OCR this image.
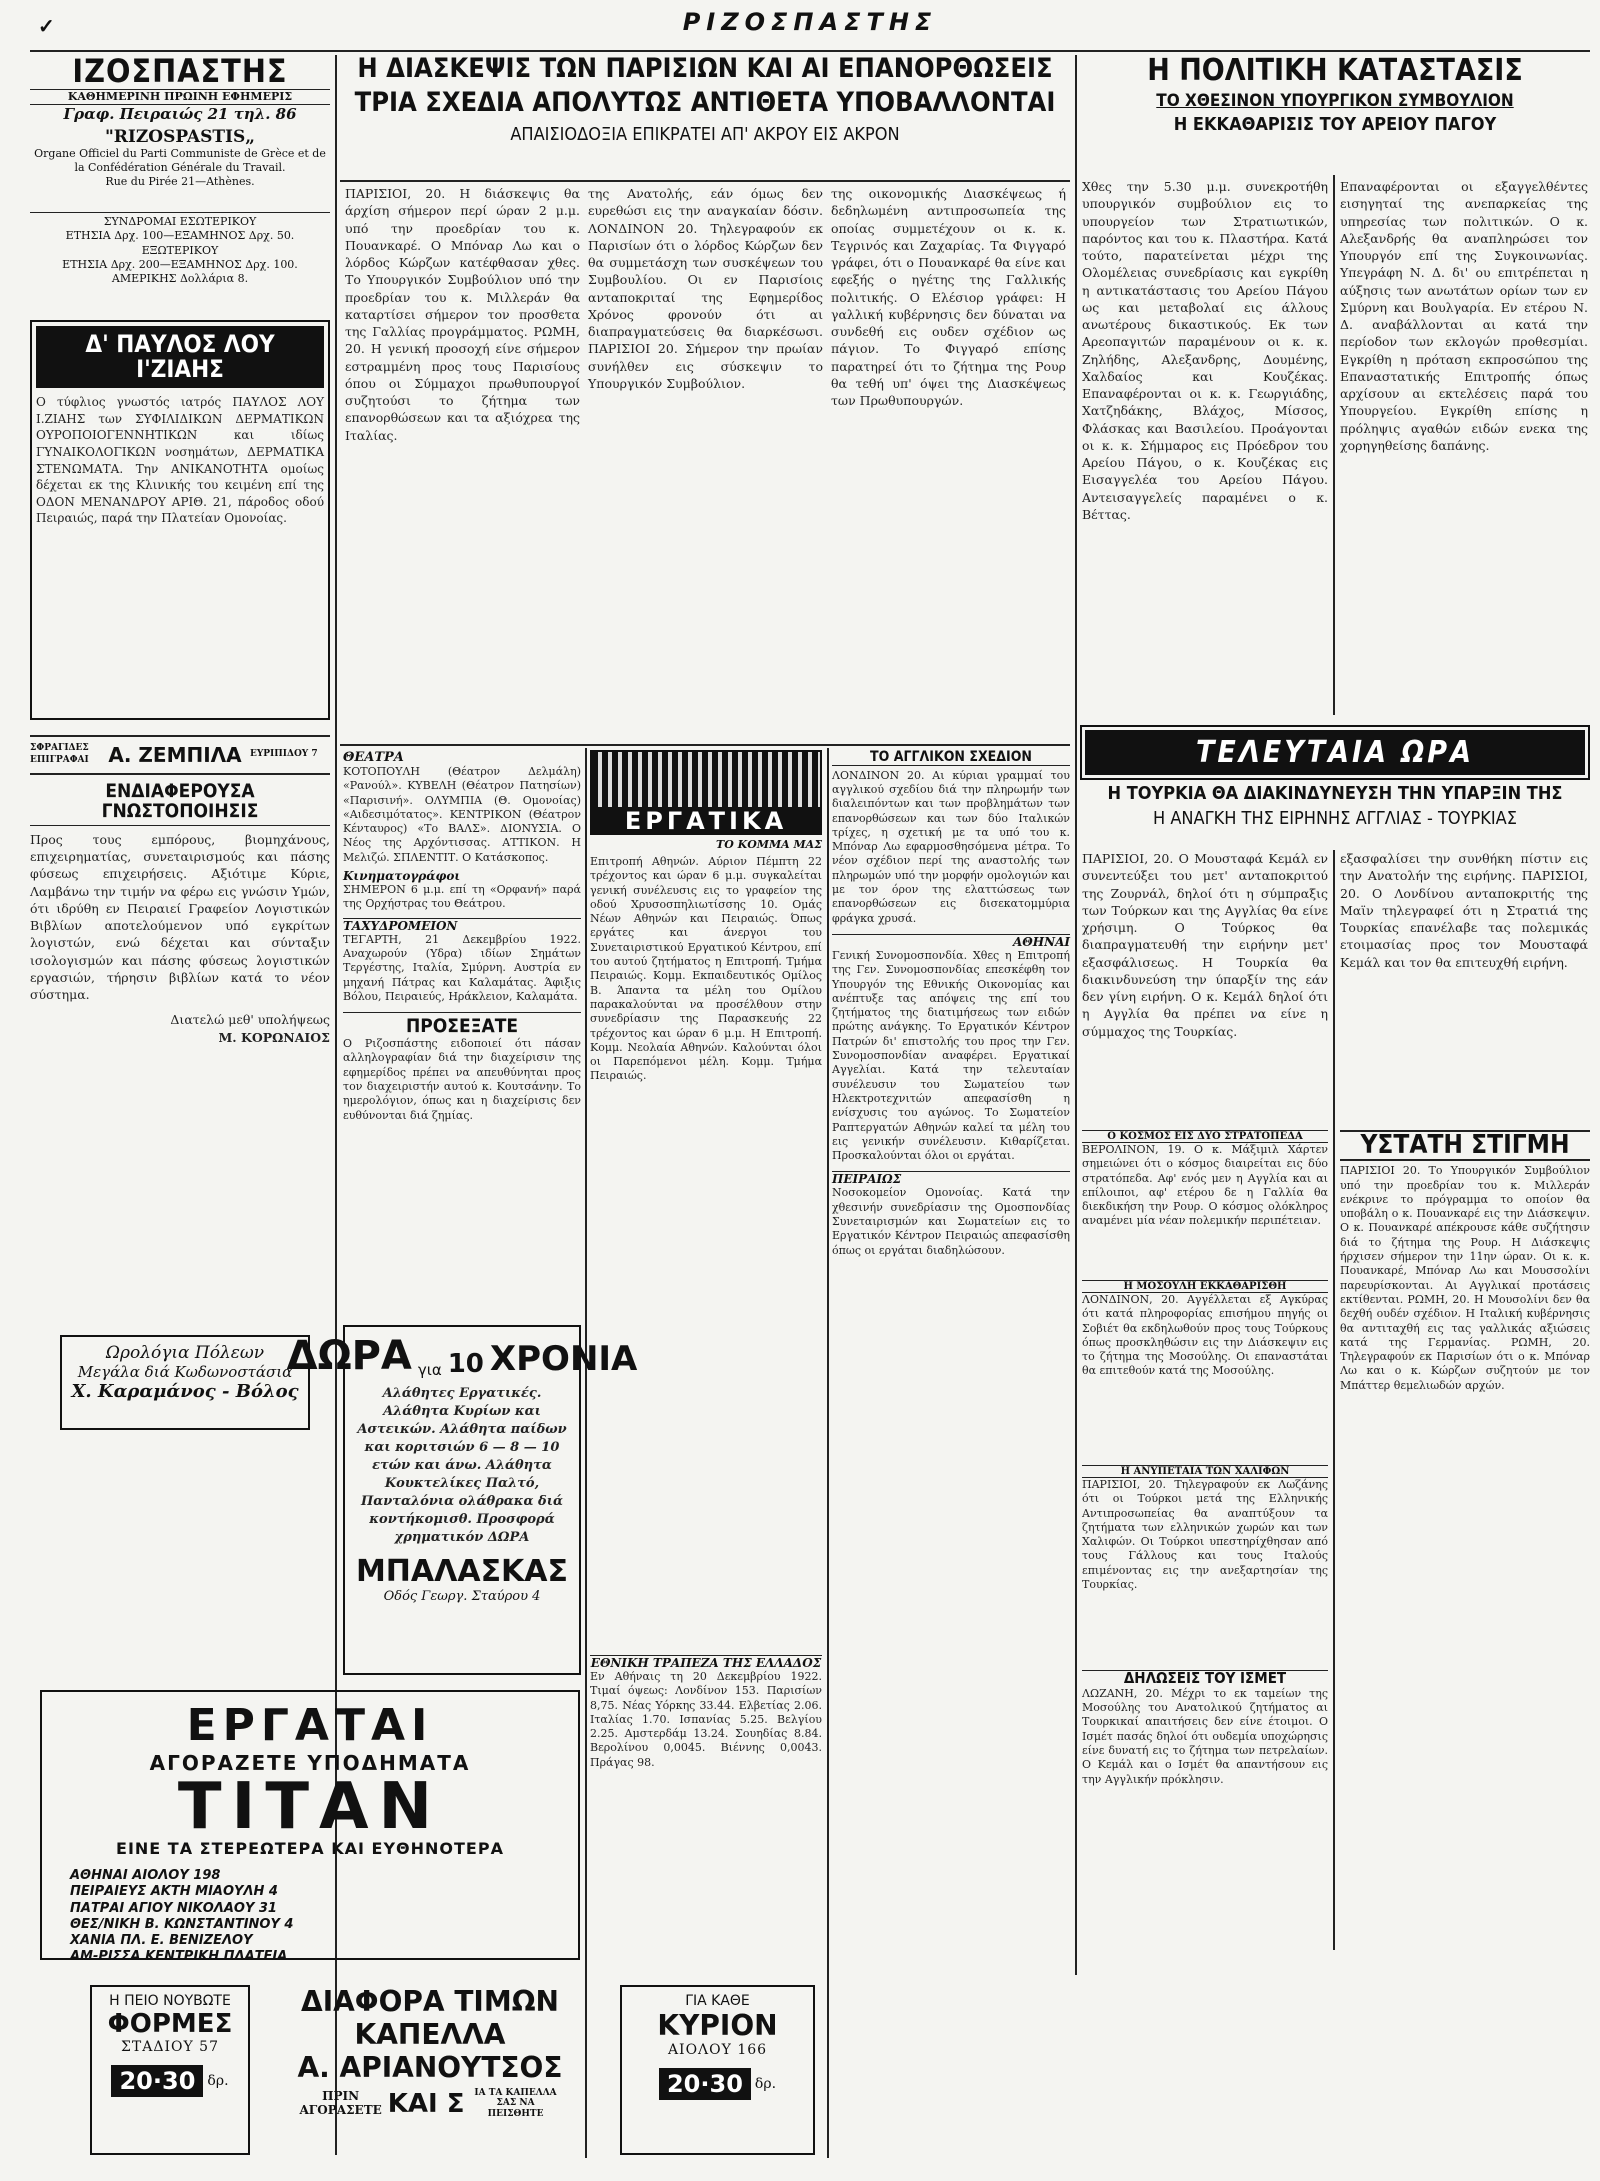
✓	ΡΙΖΟΣΠΑΣΤΗΣ
ΙΖΟΣΠΑΣΤΗΣ
ΚΑΘΗΜΕΡΙΝΗ ΠΡΩΙΝΗ ΕΦΗΜΕΡΙΣ
Γραφ. Πειραιώς 21 τηλ. 86
"RIZOSPASTIS„
Organe Officiel du Parti Communiste de Grèce et de la Confédération Générale du Travail.
Rue du Pirée 21—Athènes.
ΣΥΝΔΡΟΜΑΙ ΕΣΩΤΕΡΙΚΟΥ
ΕΤΗΣΙΑ Δρχ. 100—ΕΞΑΜΗΝΟΣ Δρχ. 50.
ΕΞΩΤΕΡΙΚΟΥ
ΕΤΗΣΙΑ Δρχ. 200—ΕΞΑΜΗΝΟΣ Δρχ. 100.
ΑΜΕΡΙΚΗΣ Δολλάρια 8.
Δ' ΠΑΥΛΟΣ ΛΟΥ Ι'ΖΙΑΗΣ
Ο τύφλιος γνωστός ιατρός ΠΑΥΛΟΣ ΛΟΥ Ι.ΖΙΑΗΣ των ΣΥΦΙΛΙΔΙΚΩΝ ΔΕΡΜΑΤΙΚΩΝ ΟΥΡΟΠΟΙΟΓΕΝΝΗΤΙΚΩΝ και ιδίως ΓΥΝΑΙΚΟΛΟΓΙΚΩΝ νοσημάτων, ΔΕΡΜΑΤΙΚΑ ΣΤΕΝΩΜΑΤΑ. Την ΑΝΙΚΑΝΟΤΗΤΑ ομοίως δέχεται εκ της Κλινικής του κειμένη επί της ΟΔΟΝ ΜΕΝΑΝΔΡΟΥ ΑΡΙΘ. 21, πάροδος οδού Πειραιώς, παρά την Πλατείαν Ομονοίας.
ΣΦΡΑΓΙΔΕΣ ΕΠΙΓΡΑΦΑΙ Α. ΖΕΜΠΙΛΑ ΕΥΡΙΠΙΔΟΥ 7
ΕΝΔΙΑΦΕΡΟΥΣΑ ΓΝΩΣΤΟΠΟΙΗΣΙΣ
Προς τους εμπόρους, βιομηχάνους, επιχειρηματίας, συνεταιρισμούς και πάσης φύσεως επιχειρήσεις. Αξιότιμε Κύριε, Λαμβάνω την τιμήν να φέρω εις γνώσιν Υμών, ότι ιδρύθη εν Πειραιεί Γραφείον Λογιστικών Βιβλίων αποτελούμενον υπό εγκρίτων λογιστών, ενώ δέχεται και σύνταξιν ισολογισμών και πάσης φύσεως λογιστικών εργασιών, τήρησιν βιβλίων κατά το νέον σύστημα.
Διατελώ μεθ' υπολήψεως
Μ. ΚΟΡΩΝΑΙΟΣ
Ωρολόγια Πόλεων
Μεγάλα διά Κωδωνοστάσια
Χ. Καραμάνος - Βόλος
Η ΔΙΑΣΚΕΨΙΣ ΤΩΝ ΠΑΡΙΣΙΩΝ ΚΑΙ ΑΙ ΕΠΑΝΟΡΘΩΣΕΙΣ
ΤΡΙΑ ΣΧΕΔΙΑ ΑΠΟΛΥΤΩΣ ΑΝΤΙΘΕΤΑ ΥΠΟΒΑΛΛΟΝΤΑΙ
ΑΠΑΙΣΙΟΔΟΞΙΑ ΕΠΙΚΡΑΤΕΙ ΑΠ' ΑΚΡΟΥ ΕΙΣ ΑΚΡΟΝ
ΠΑΡΙΣΙΟΙ, 20. Η διάσκεψις θα άρχίση σήμερον περί ώραν 2 μ.μ. υπό την προεδρίαν του κ. Πουανκαρέ. Ο Μπόναρ Λω και ο λόρδος Κώρζων κατέφθασαν χθες. Το Υπουργικόν Συμβούλιον υπό την προεδρίαν του κ. Μιλλεράν θα καταρτίσει σήμερον τον προσθετα της Γαλλίας προγράμματος. ΡΩΜΗ, 20. Η γενική προσοχή είνε σήμερον εστραμμένη προς τους Παρισίους όπου οι Σύμμαχοι πρωθυπουργοί συζητούσι το ζήτημα των επανορθώσεων και τα αξιόχρεα της Ιταλίας.
της Ανατολής, εάν όμως δεν ευρεθώσι εις την αναγκαίαν δόσιν. ΛΟΝΔΙΝΟΝ 20. Τηλεγραφούν εκ Παρισίων ότι ο λόρδος Κώρζων δεν θα συμμετάσχη των συσκέψεων του Συμβουλίου. Οι εν Παρισίοις ανταποκριταί της Εφημερίδος Χρόνος φρονούν ότι αι διαπραγματεύσεις θα διαρκέσωσι. ΠΑΡΙΣΙΟΙ 20. Σήμερον την πρωίαν συνήλθεν εις σύσκεψιν το Υπουργικόν Συμβούλιον.
της οικονομικής Διασκέψεως ή δεδηλωμένη αντιπροσωπεία της οποίας συμμετέχουν οι κ. κ. Τεγρινός και Ζαχαρίας. Τα Φιγγαρό γράφει, ότι ο Πουανκαρέ θα είνε και εφεξής ο ηγέτης της Γαλλικής πολιτικής. Ο Ελέσιορ γράφει: Η γαλλική κυβέρνησις δεν δύναται να συνδεθή εις ουδεν σχέδιον ως πάγιον. Το Φιγγαρό επίσης παρατηρεί ότι το ζήτημα της Ρουρ θα τεθή υπ' όψει της Διασκέψεως των Πρωθυπουργών.
ΘΕΑΤΡΑ
ΚΟΤΟΠΟΥΛΗ (Θέατρον Δελμάλη) «Ρανούλ». ΚΥΒΕΛΗ (Θέατρον Πατησίων) «Παρισινή». ΟΛΥΜΠΙΑ (Θ. Ομονοίας) «Αιδεσιμότατος». ΚΕΝΤΡΙΚΟΝ (Θέατρον Κένταυρος) «Το ΒΑΛΣ». ΔΙΟΝΥΣΙΑ. Ο Νέος της Αρχόντισσας. ΑΤΤΙΚΟΝ. Η Μελιζώ. ΣΠΛΕΝΤΙΤ. Ο Κατάσκοπος.
Κινηματογράφοι
ΣΗΜΕΡΟΝ 6 μ.μ. επί τη «Ορφανή» παρά της Ορχήστρας του Θεάτρου.
ΤΑΧΥΔΡΟΜΕΙΟΝ
ΤΕΓΑΡΤΗ, 21 Δεκεμβρίου 1922. Αναχωρούν (Υδρα) ιδίων Σημάτων Τεργέστης, Ιταλία, Σμύρνη. Αυστρία εν μηχανή Πάτρας και Καλαμάτας. Άφιξις Βόλου, Πειραιεύς, Ηράκλειον, Καλαμάτα.
ΠΡΟΣΕΞΑΤΕ
Ο Ριζοσπάστης ειδοποιεί ότι πάσαν αλληλογραφίαν διά την διαχείρισιν της εφημερίδος πρέπει να απευθύνηται προς τον διαχειριστήν αυτού κ. Κουτσάνην. Το ημερολόγιον, όπως και η διαχείρισις δεν ευθύνονται διά ζημίας.
ΔΩΡΑ για 10 ΧΡΟΝΙΑ
Αλάθητες Εργατικές. Αλάθητα Κυρίων και Αστεικών. Αλάθητα παίδων και κοριτσιών 6 — 8 — 10 ετών και άνω. Αλάθητα Κουκτελίκες Παλτό, Πανταλόνια ολάθρακα διά κοντήκομισθ. Προσφορά χρηματικόν ΔΩΡΑ
ΜΠΑΛΑΣΚΑΣ
Οδός Γεωργ. Σταύρου 4
ΕΡΓΑΤΙΚΑ
ΤΟ ΚΟΜΜΑ ΜΑΣ
Επιτροπή Αθηνών. Αύριον Πέμπτη 22 τρέχοντος και ώραν 6 μ.μ. συγκαλείται γενική συνέλευσις εις το γραφείον της οδού Χρυσοσπηλιωτίσσης 10. Ομάς Νέων Αθηνών και Πειραιώς. Όπως εργάτες και άνεργοι του Συνεταιριστικού Εργατικού Κέντρου, επί του αυτού ζητήματος η Επιτροπή. Τμήμα Πειραιώς. Κομμ. Εκπαιδευτικός Ομίλος Β. Άπαντα τα μέλη του Ομίλου παρακαλούνται να προσέλθουν στην συνεδρίασιν της Παρασκευής 22 τρέχοντος και ώραν 6 μ.μ. Η Επιτροπή. Κομμ. Νεολαία Αθηνών. Καλούνται όλοι οι Παρεπόμενοι μέλη. Κομμ. Τμήμα Πειραιώς.
ΕΘΝΙΚΗ ΤΡΑΠΕΖΑ ΤΗΣ ΕΛΛΑΔΟΣ
Εν Αθήναις τη 20 Δεκεμβρίου 1922. Τιμαί όψεως: Λονδίνον 153. Παρισίων 8,75. Νέας Υόρκης 33.44. Ελβετίας 2.06. Ιταλίας 1.70. Ισπανίας 5.25. Βελγίου 2.25. Αμστερδάμ 13.24. Σουηδίας 8.84. Βερολίνου 0,0045. Βιέννης 0,0043. Πράγας 98.
ΤΟ ΑΓΓΛΙΚΟΝ ΣΧΕΔΙΟΝ
ΛΟΝΔΙΝΟΝ 20. Αι κύριαι γραμμαί του αγγλικού σχεδίου διά την πληρωμήν των διαλειπόντων και των προβλημάτων των επανορθώσεων και των δύο Ιταλικών τρίχες, η σχετική με τα υπό του κ. Μπόναρ Λω εφαρμοσθησόμενα μέτρα. Το νέον σχέδιον περί της αναστολής των πληρωμών υπό την μορφήν ομολογιών και με τον όρον της ελαττώσεως των επανορθώσεων εις δισεκατομμύρια φράγκα χρυσά.
ΑΘΗΝΑΙ
Γενική Συνομοσπονδία. Χθες η Επιτροπή της Γεν. Συνομοσπονδίας επεσκέφθη τον Υπουργόν της Εθνικής Οικονομίας και ανέπτυξε τας απόψεις της επί του ζητήματος της διατιμήσεως των ειδών πρώτης ανάγκης. Το Εργατικόν Κέντρον Πατρών δι' επιστολής του προς την Γεν. Συνομοσπονδίαν αναφέρει. Εργατικαί Αγγελίαι. Κατά την τελευταίαν συνέλευσιν του Σωματείου των Ηλεκτροτεχνιτών απεφασίσθη η ενίσχυσις του αγώνος. Το Σωματείον Ραπτεργατών Αθηνών καλεί τα μέλη του εις γενικήν συνέλευσιν. Κιθαρίζεται. Προσκαλούνται όλοι οι εργάται.
ΠΕΙΡΑΙΩΣ
Νοσοκομείον Ομονοίας. Κατά την χθεσινήν συνεδρίασιν της Ομοσπονδίας Συνεταιρισμών και Σωματείων εις το Εργατικόν Κέντρον Πειραιώς απεφασίσθη όπως οι εργάται διαδηλώσουν.
Η ΠΟΛΙΤΙΚΗ ΚΑΤΑΣΤΑΣΙΣ
ΤΟ ΧΘΕΣΙΝΟΝ ΥΠΟΥΡΓΙΚΟΝ ΣΥΜΒΟΥΛΙΟΝ
Η ΕΚΚΑΘΑΡΙΣΙΣ ΤΟΥ ΑΡΕΙΟΥ ΠΑΓΟΥ
Χθες την 5.30 μ.μ. συνεκροτήθη υπουργικόν συμβούλιον εις το υπουργείον των Στρατιωτικών, παρόντος και του κ. Πλαστήρα. Κατά τούτο, παρατείνεται μέχρι της Ολομέλειας συνεδρίασις και εγκρίθη η αντικατάστασις του Αρείου Πάγου ως και μεταβολαί εις άλλους ανωτέρους δικαστικούς. Εκ των Αρεοπαγιτών παραμένουν οι κ. κ. Ζηλήδης, Αλεξανδρης, Δουμένης, Χαλδαίος και Κουζέκας. Επαναφέρονται οι κ. κ. Γεωργιάδης, Χατζηδάκης, Βλάχος, Μίσσος, Φλάσκας και Βασιλείου. Προάγονται οι κ. κ. Σήμμαρος εις Πρόεδρον του Αρείου Πάγου, ο κ. Κουζέκας εις Εισαγγελέα του Αρείου Πάγου. Αντεισαγγελείς παραμένει ο κ. Βέττας.
Επαναφέρονται οι εξαγγελθέντες εισηγηταί της ανεπαρκείας της υπηρεσίας των πολιτικών. Ο κ. Αλεξανδρής θα αναπληρώσει τον Υπουργόν επί της Συγκοινωνίας. Υπεγράφη Ν. Δ. δι' ου επιτρέπεται η αύξησις των ανωτάτων ορίων των εν Σμύρνη και Βουλγαρία. Εν ετέρου Ν. Δ. αναβάλλονται αι κατά την περίοδον των εκλογών προθεσμίαι. Εγκρίθη η πρόταση εκπροσώπου της Επαναστατικής Επιτροπής όπως αρχίσουν αι εκτελέσεις παρά του Υπουργείου. Εγκρίθη επίσης η πρόληψις αγαθών ειδών ενεκα της χορηγηθείσης δαπάνης.
ΤΕΛΕΥΤΑΙΑ ΩΡΑ
Η ΤΟΥΡΚΙΑ ΘΑ ΔΙΑΚΙΝΔΥΝΕΥΣΗ ΤΗΝ ΥΠΑΡΞΙΝ ΤΗΣ
Η ΑΝΑΓΚΗ ΤΗΣ ΕΙΡΗΝΗΣ ΑΓΓΛΙΑΣ - ΤΟΥΡΚΙΑΣ
ΠΑΡΙΣΙΟΙ, 20. Ο Μουσταφά Κεμάλ εν συνεντεύξει του μετ' ανταποκριτού της Ζουρνάλ, δηλοί ότι η σύμπραξις των Τούρκων και της Αγγλίας θα είνε χρήσιμη. Ο Τούρκος θα διαπραγματευθή την ειρήνην μετ' εξασφάλισεως. Η Τουρκία θα διακινδυνεύση την ύπαρξίν της εάν δεν γίνη ειρήνη. Ο κ. Κεμάλ δηλοί ότι η Αγγλία θα πρέπει να είνε η σύμμαχος της Τουρκίας.
εξασφαλίσει την συνθήκη πίστιν εις την Ανατολήν της ειρήνης. ΠΑΡΙΣΙΟΙ, 20. Ο Λονδίνου ανταποκριτής της Μαϊν τηλεγραφεί ότι η Στρατιά της Τουρκίας επανέλαβε τας πολεμικάς ετοιμασίας προς τον Μουσταφά Κεμάλ και τον θα επιτευχθή ειρήνη.
Ο ΚΟΣΜΟΣ ΕΙΣ ΔΥΟ ΣΤΡΑΤΟΠΕΔΑ
ΒΕΡΟΛΙΝΟΝ, 19. Ο κ. Μάξιμιλ Χάρτεν σημειώνει ότι ο κόσμος διαιρείται εις δύο στρατόπεδα. Αφ' ενός μεν η Αγγλία και αι επίλοιποι, αφ' ετέρου δε η Γαλλία θα διεκδικήση την Ρουρ. Ο κόσμος ολόκληρος αναμένει μία νέαν πολεμικήν περιπέτειαν.
Η ΜΟΣΟΥΛΗ ΕΚΚΑΘΑΡΙΣΘΗ
ΛΟΝΔΙΝΟΝ, 20. Αγγέλλεται εξ Αγκύρας ότι κατά πληροφορίας επισήμου πηγής οι Σοβιέτ θα εκδηλωθούν προς τους Τούρκους όπως προσκληθώσιν εις την Διάσκεψιν εις το ζήτημα της Μοσούλης. Οι επαναστάται θα επιτεθούν κατά της Μοσούλης.
Η ΑΝΥΠΕΤΑΙΑ ΤΩΝ ΧΑΛΙΦΩΝ
ΠΑΡΙΣΙΟΙ, 20. Τηλεγραφούν εκ Λωζάνης ότι οι Τούρκοι μετά της Ελληνικής Αντιπροσωπείας θα αναπτύξουν τα ζητήματα των ελληνικών χωρών και των Χαλιφών. Οι Τούρκοι υπεστηρίχθησαν από τους Γάλλους και τους Ιταλούς επιμένοντας εις την ανεξαρτησίαν της Τουρκίας.
ΔΗΛΩΣΕΙΣ ΤΟΥ ΙΣΜΕΤ
ΛΩΖΑΝΗ, 20. Μέχρι το εκ ταμείων της Μοσούλης του Ανατολικού ζητήματος αι Τουρκικαί απαιτήσεις δεν είνε έτοιμοι. Ο Ισμέτ πασάς δηλοί ότι ουδεμία υποχώρησις είνε δυνατή εις το ζήτημα των πετρελαίων. Ο Κεμάλ και ο Ισμέτ θα απαντήσουν εις την Αγγλικήν πρόκλησιν.
ΥΣΤΑΤΗ ΣΤΙΓΜΗ
ΠΑΡΙΣΙΟΙ 20. Το Υπουργικόν Συμβούλιον υπό την προεδρίαν του κ. Μιλλεράν ενέκρινε το πρόγραμμα το οποίον θα υποβάλη ο κ. Πουανκαρέ εις την Διάσκεψιν. Ο κ. Πουανκαρέ απέκρουσε κάθε συζήτησιν διά το ζήτημα της Ρουρ. Η Διάσκεψις ήρχισεν σήμερον την 11ην ώραν. Οι κ. κ. Πουανκαρέ, Μπόναρ Λω και Μουσσολίνι παρευρίσκονται. Αι Αγγλικαί προτάσεις εκτίθενται. ΡΩΜΗ, 20. Η Μουσολίνι δεν θα δεχθή ουδέν σχέδιον. Η Ιταλική κυβέρνησις θα αντιταχθή εις τας γαλλικάς αξιώσεις κατά της Γερμανίας. ΡΩΜΗ, 20. Τηλεγραφούν εκ Παρισίων ότι ο κ. Μπόναρ Λω και ο κ. Κώρζων συζητούν με τον Μπάττερ θεμελιωδών αρχών.
ΕΡΓΑΤΑΙ
ΑΓΟΡΑΖΕΤΕ ΥΠΟΔΗΜΑΤΑ
ΤΙΤΑΝ
ΕΙΝΕ ΤΑ ΣΤΕΡΕΩΤΕΡΑ ΚΑΙ ΕΥΘΗΝΟΤΕΡΑ
ΑΘΗΝΑΙ ΑΙΟΛΟΥ 198
ΠΕΙΡΑΙΕΥΣ ΑΚΤΗ ΜΙΑΟΥΛΗ 4
ΠΑΤΡΑΙ ΑΓΙΟΥ ΝΙΚΟΛΑΟΥ 31
ΘΕΣ/ΝΙΚΗ Β. ΚΩΝΣΤΑΝΤΙΝΟΥ 4
ΧΑΝΙΑ ΠΛ. Ε. ΒΕΝΙΖΕΛΟΥ
ΑΜ-ΡΙΣΣΑ ΚΕΝΤΡΙΚΗ ΠΛΑΤΕΙΑ
Η ΠΕΙΟ ΝΟΥΒΩΤΕ
ΦΟΡΜΕΣ
ΣΤΑΔΙΟΥ 57
20·30 δρ.
ΔΙΑΦΟΡΑ ΤΙΜΩΝ
ΚΑΠΕΛΛΑ
Α. ΑΡΙΑΝΟΥΤΣΟΣ
ΠΡΙΝ
ΑΓΟΡΑΣΕΤΕ ΚΑΙ Σ	ΙΑ ΤΑ ΚΑΠΕΛΛΑ ΣΑΣ ΝΑ ΠΕΙΣΘΗΤΕ
ΓΙΑ ΚΑΘΕ
ΚΥΡΙΟΝ
ΑΙΟΛΟΥ 166
20·30 δρ.
